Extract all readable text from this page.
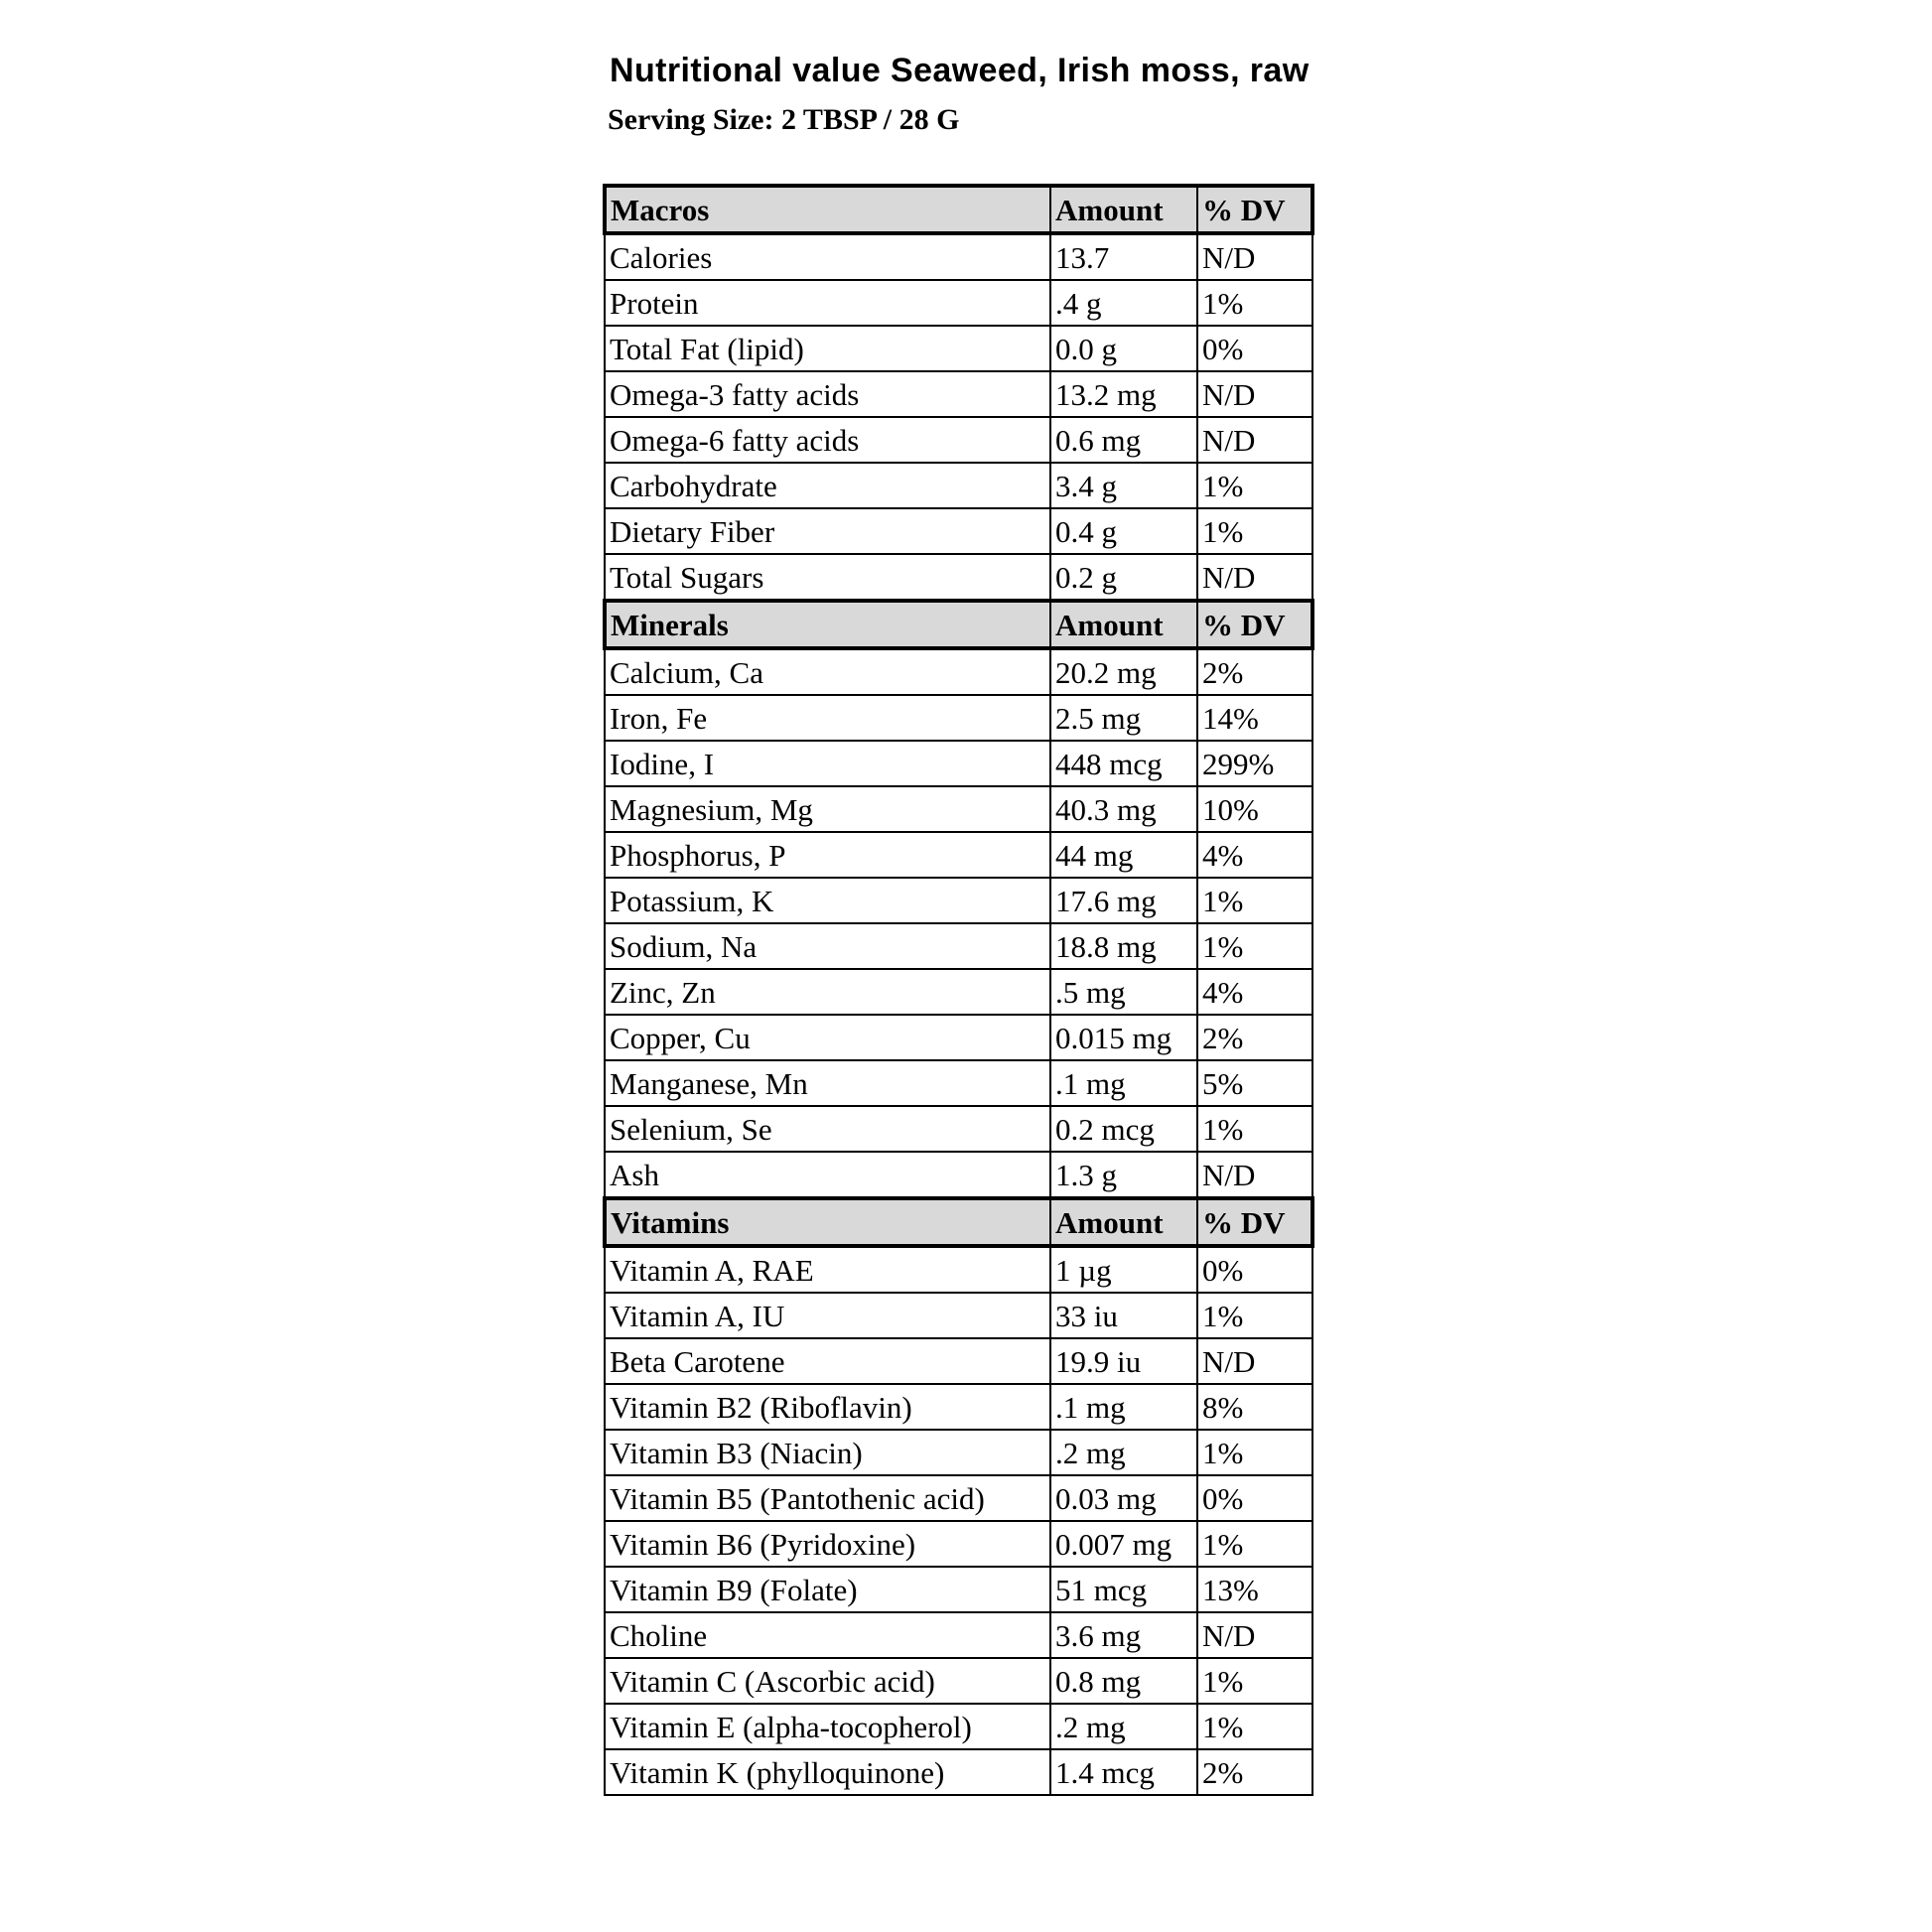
Nutritional value Seaweed, Irish moss, raw
Serving Size: 2 TBSP / 28 G
Macros	Amount	% DV
Calories	13.7	N/D
Protein	.4 g	1%
Total Fat (lipid)	0.0 g	0%
Omega-3 fatty acids	13.2 mg	N/D
Omega-6 fatty acids	0.6 mg	N/D
Carbohydrate	3.4 g	1%
Dietary Fiber	0.4 g	1%
Total Sugars	0.2 g	N/D
Minerals	Amount	% DV
Calcium, Ca	20.2 mg	2%
Iron, Fe	2.5 mg	14%
Iodine, I	448 mcg	299%
Magnesium, Mg	40.3 mg	10%
Phosphorus, P	44 mg	4%
Potassium, K	17.6 mg	1%
Sodium, Na	18.8 mg	1%
Zinc, Zn	.5 mg	4%
Copper, Cu	0.015 mg	2%
Manganese, Mn	.1 mg	5%
Selenium, Se	0.2 mcg	1%
Ash	1.3 g	N/D
Vitamins	Amount	% DV
Vitamin A, RAE	1 µg	0%
Vitamin A, IU	33 iu	1%
Beta Carotene	19.9 iu	N/D
Vitamin B2 (Riboflavin)	.1 mg	8%
Vitamin B3 (Niacin)	.2 mg	1%
Vitamin B5 (Pantothenic acid)	0.03 mg	0%
Vitamin B6 (Pyridoxine)	0.007 mg	1%
Vitamin B9 (Folate)	51 mcg	13%
Choline	3.6 mg	N/D
Vitamin C (Ascorbic acid)	0.8 mg	1%
Vitamin E (alpha-tocopherol)	.2 mg	1%
Vitamin K (phylloquinone)	1.4 mcg	2%
